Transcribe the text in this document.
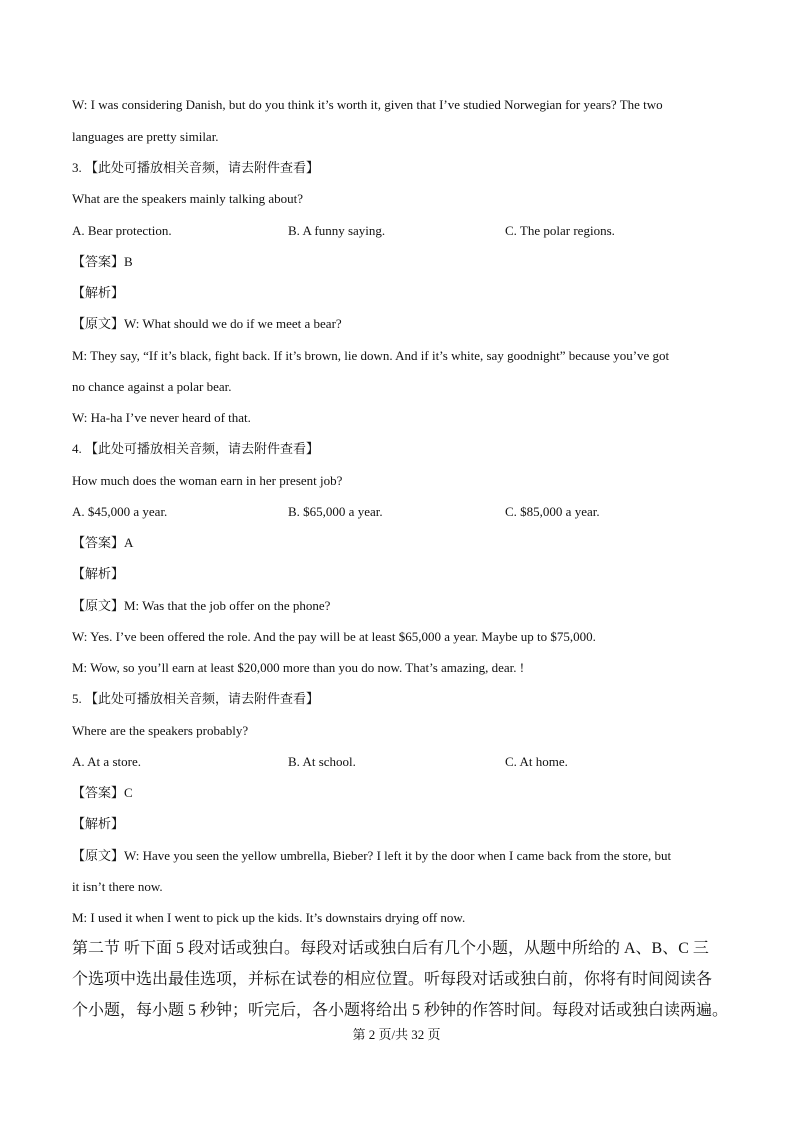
W: I was considering Danish, but do you think it’s worth it, given that I’ve studied Norwegian for years? The two
languages are pretty similar.
3. 【此处可播放相关音频，请去附件查看】
What are the speakers mainly talking about?
A. Bear protection.	B. A funny saying.	C. The polar regions.
【答案】B
【解析】
【原文】W: What should we do if we meet a bear?
M: They say, “If it’s black, fight back. If it’s brown, lie down. And if it’s white, say goodnight” because you’ve got
no chance against a polar bear.
W: Ha-ha I’ve never heard of that.
4. 【此处可播放相关音频，请去附件查看】
How much does the woman earn in her present job?
A. $45,000 a year.	B. $65,000 a year.	C. $85,000 a year.
【答案】A
【解析】
【原文】M: Was that the job offer on the phone?
W: Yes. I’ve been offered the role. And the pay will be at least $65,000 a year. Maybe up to $75,000.
M: Wow, so you’ll earn at least $20,000 more than you do now. That’s amazing, dear. !
5. 【此处可播放相关音频，请去附件查看】
Where are the speakers probably?
A. At a store.	B. At school.	C. At home.
【答案】C
【解析】
【原文】W: Have you seen the yellow umbrella, Bieber? I left it by the door when I came back from the store, but
it isn’t there now.
M: I used it when I went to pick up the kids. It’s downstairs drying off now.
第二节 听下面 5 段对话或独白。每段对话或独白后有几个小题，从题中所给的 A、B、C 三
个选项中选出最佳选项，并标在试卷的相应位置。听每段对话或独白前，你将有时间阅读各
个小题，每小题 5 秒钟；听完后，各小题将给出 5 秒钟的作答时间。每段对话或独白读两遍。
第 2 页/共 32 页
